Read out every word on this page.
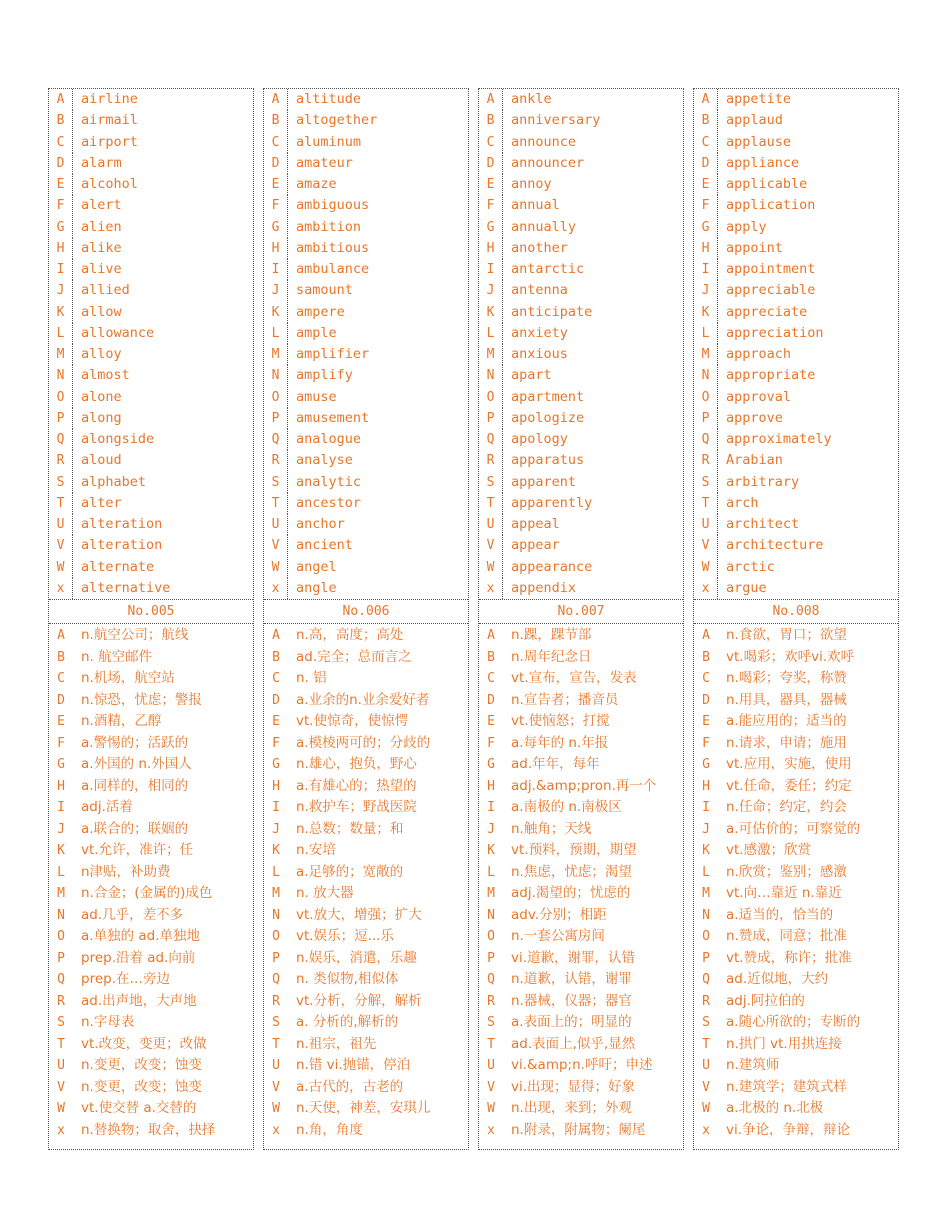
A	airline
B	airmail
C	airport
D	alarm
E	alcohol
F	alert
G	alien
H	alike
I	alive
J	allied
K	allow
L	allowance
M	alloy
N	almost
O	alone
P	along
Q	alongside
R	aloud
S	alphabet
T	alter
U	alteration
V	alteration
W	alternate
x	alternative
No.005
A	n.航空公司；航线
B	n. 航空邮件
C	n.机场，航空站
D	n.惊恐，忧虑；警报
E	n.酒精，乙醇
F	a.警惕的；活跃的
G	a.外国的 n.外国人
H	a.同样的，相同的
I	adj.活着
J	a.联合的；联姻的
K	vt.允许，准许；任
L	n津贴，补助费
M	n.合金；(金属的)成色
N	ad.几乎，差不多
O	a.单独的 ad.单独地
P	prep.沿着 ad.向前
Q	prep.在…旁边
R	ad.出声地，大声地
S	n.字母表
T	vt.改变，变更；改做
U	n.变更，改变；蚀变
V	n.变更，改变；蚀变
W	vt.使交替 a.交替的
x	n.替换物；取舍，抉择
A	altitude
B	altogether
C	aluminum
D	amateur
E	amaze
F	ambiguous
G	ambition
H	ambitious
I	ambulance
J	samount
K	ampere
L	ample
M	amplifier
N	amplify
O	amuse
P	amusement
Q	analogue
R	analyse
S	analytic
T	ancestor
U	anchor
V	ancient
W	angel
x	angle
No.006
A	n.高，高度；高处
B	ad.完全；总而言之
C	n. 铝
D	a.业余的n.业余爱好者
E	vt.使惊奇，使惊愕
F	a.模棱两可的；分歧的
G	n.雄心，抱负，野心
H	a.有雄心的；热望的
I	n.救护车；野战医院
J	n.总数；数量；和
K	n.安培
L	a.足够的；宽敞的
M	n. 放大器
N	vt.放大，增强；扩大
O	vt.娱乐；逗...乐
P	n.娱乐，消遣，乐趣
Q	n. 类似物,相似体
R	vt.分析，分解，解析
S	a. 分析的,解析的
T	n.祖宗，祖先
U	n.错 vi.抛锚，停泊
V	a.古代的，古老的
W	n.天使，神差，安琪儿
x	n.角，角度
A	ankle
B	anniversary
C	announce
D	announcer
E	annoy
F	annual
G	annually
H	another
I	antarctic
J	antenna
K	anticipate
L	anxiety
M	anxious
N	apart
O	apartment
P	apologize
Q	apology
R	apparatus
S	apparent
T	apparently
U	appeal
V	appear
W	appearance
x	appendix
No.007
A	n.踝，踝节部
B	n.周年纪念日
C	vt.宣布，宣告，发表
D	n.宣告者；播音员
E	vt.使恼怒；打搅
F	a.每年的 n.年报
G	ad.年年，每年
H	adj.&amp;pron.再一个
I	a.南极的 n.南极区
J	n.触角；天线
K	vt.预料，预期，期望
L	n.焦虑，忧虑；渴望
M	adj.渴望的；忧虑的
N	adv.分别；相距
O	n.一套公寓房间
P	vi.道歉，谢罪，认错
Q	n.道歉，认错，谢罪
R	n.器械，仪器；器官
S	a.表面上的；明显的
T	ad.表面上,似乎,显然
U	vi.&amp;n.呼吁；申述
V	vi.出现；显得；好象
W	n.出现，来到；外观
x	n.附录，附属物；阑尾
A	appetite
B	applaud
C	applause
D	appliance
E	applicable
F	application
G	apply
H	appoint
I	appointment
J	appreciable
K	appreciate
L	appreciation
M	approach
N	appropriate
O	approval
P	approve
Q	approximately
R	Arabian
S	arbitrary
T	arch
U	architect
V	architecture
W	arctic
x	argue
No.008
A	n.食欲，胃口；欲望
B	vt.喝彩；欢呼vi.欢呼
C	n.喝彩；夸奖，称赞
D	n.用具，器具，器械
E	a.能应用的；适当的
F	n.请求，申请；施用
G	vt.应用，实施，使用
H	vt.任命，委任；约定
I	n.任命；约定，约会
J	a.可估价的；可察觉的
K	vt.感激；欣赏
L	n.欣赏；鉴别；感激
M	vt.向…靠近 n.靠近
N	a.适当的，恰当的
O	n.赞成，同意；批准
P	vt.赞成，称许；批准
Q	ad.近似地，大约
R	adj.阿拉伯的
S	a.随心所欲的；专断的
T	n.拱门 vt.用拱连接
U	n.建筑师
V	n.建筑学；建筑式样
W	a.北极的 n.北极
x	vi.争论，争辩，辩论
